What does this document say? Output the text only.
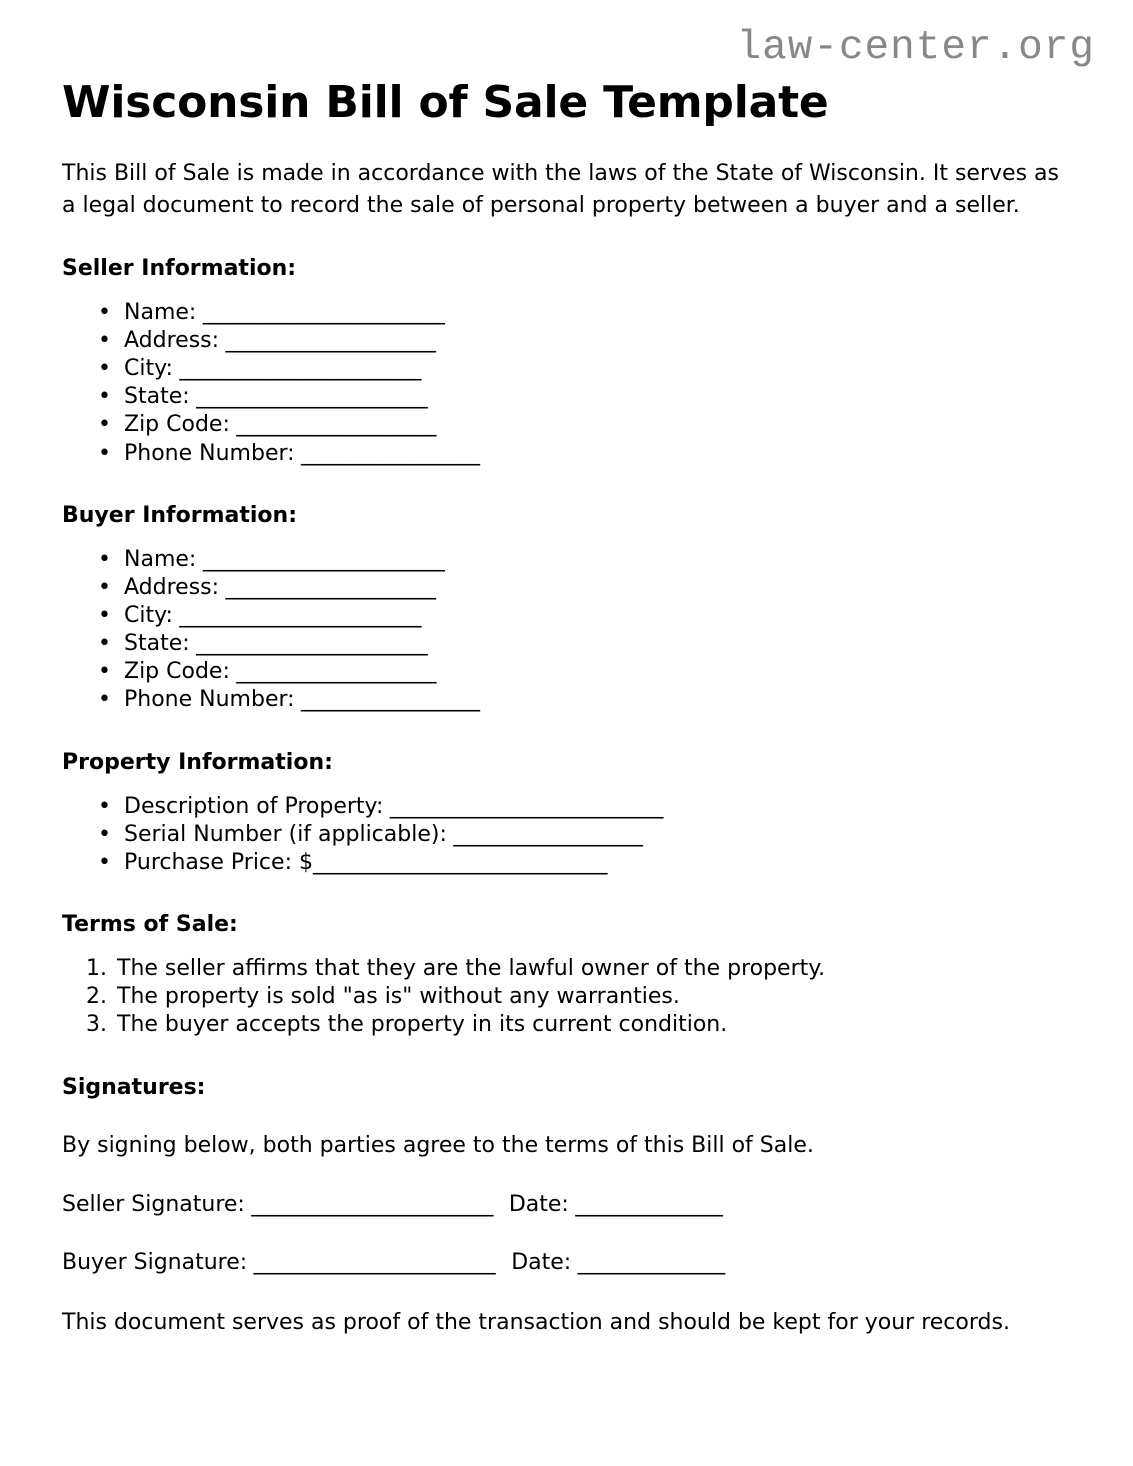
law-center.org
Wisconsin Bill of Sale Template

This Bill of Sale is made in accordance with the laws of the State of Wisconsin. It serves as a legal document to record the sale of personal property between a buyer and a seller.

Seller Information:
• Name: _______________________
• Address: ____________________
• City: _______________________
• State: ______________________
• Zip Code: ___________________
• Phone Number: _________________
Buyer Information:
• Name: _______________________
• Address: ____________________
• City: _______________________
• State: ______________________
• Zip Code: ___________________
• Phone Number: _________________
Property Information:
• Description of Property: __________________________
• Serial Number (if applicable): __________________
• Purchase Price: $____________________________
Terms of Sale:
The seller affirms that they are the lawful owner of the property.
The property is sold "as is" without any warranties.
The buyer accepts the property in its current condition.
Signatures:

By signing below, both parties agree to the terms of this Bill of Sale.

Seller Signature: _______________________ Date: ______________
Buyer Signature: _______________________ Date: ______________

This document serves as proof of the transaction and should be kept for your records.
